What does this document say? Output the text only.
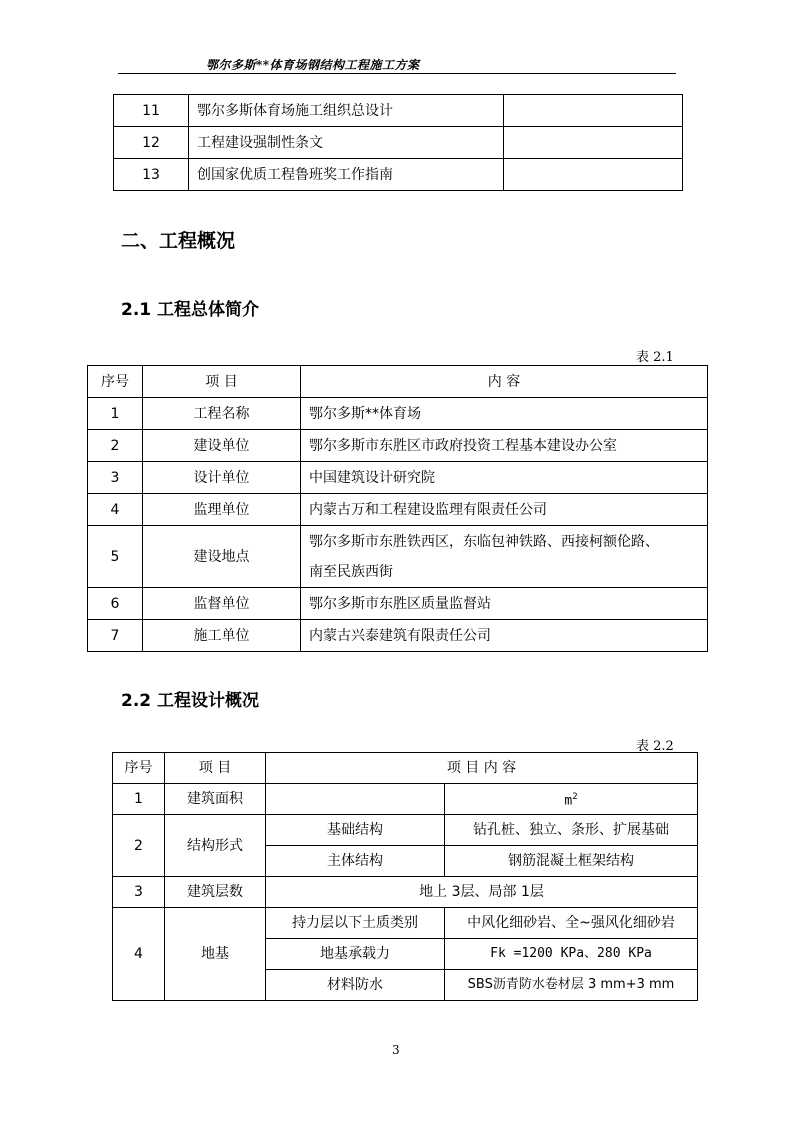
鄂尔多斯**体育场钢结构工程施工方案
11	鄂尔多斯体育场施工组织总设计	
12	工程建设强制性条文	
13	创国家优质工程鲁班奖工作指南	
二、工程概况
2.1 工程总体简介
表 2.1
序号	项 目	内 容
1	工程名称	鄂尔多斯**体育场
2	建设单位	鄂尔多斯市东胜区市政府投资工程基本建设办公室
3	设计单位	中国建筑设计研究院
4	监理单位	内蒙古万和工程建设监理有限责任公司
5	建设地点	鄂尔多斯市东胜铁西区，东临包神铁路、西接柯额伦路、
南至民族西街

6	监督单位	鄂尔多斯市东胜区质量监督站
7	施工单位	内蒙古兴泰建筑有限责任公司
2.2 工程设计概况
表 2.2
序号	项 目	项 目 内 容	
1	建筑面积		$m^2$
2	结构形式	基础结构	钻孔桩、独立、条形、扩展基础
		主体结构	钢筋混凝土框架结构
3	建筑层数	地上 3层、局部 1层	
4	地基	持力层以下土质类别	中风化细砂岩、全~强风化细砂岩
		地基承载力	Fk =1200 KPa、280 KPa
		材料防水	SBS沥青防水卷材层 3 mm+3 mm
3
